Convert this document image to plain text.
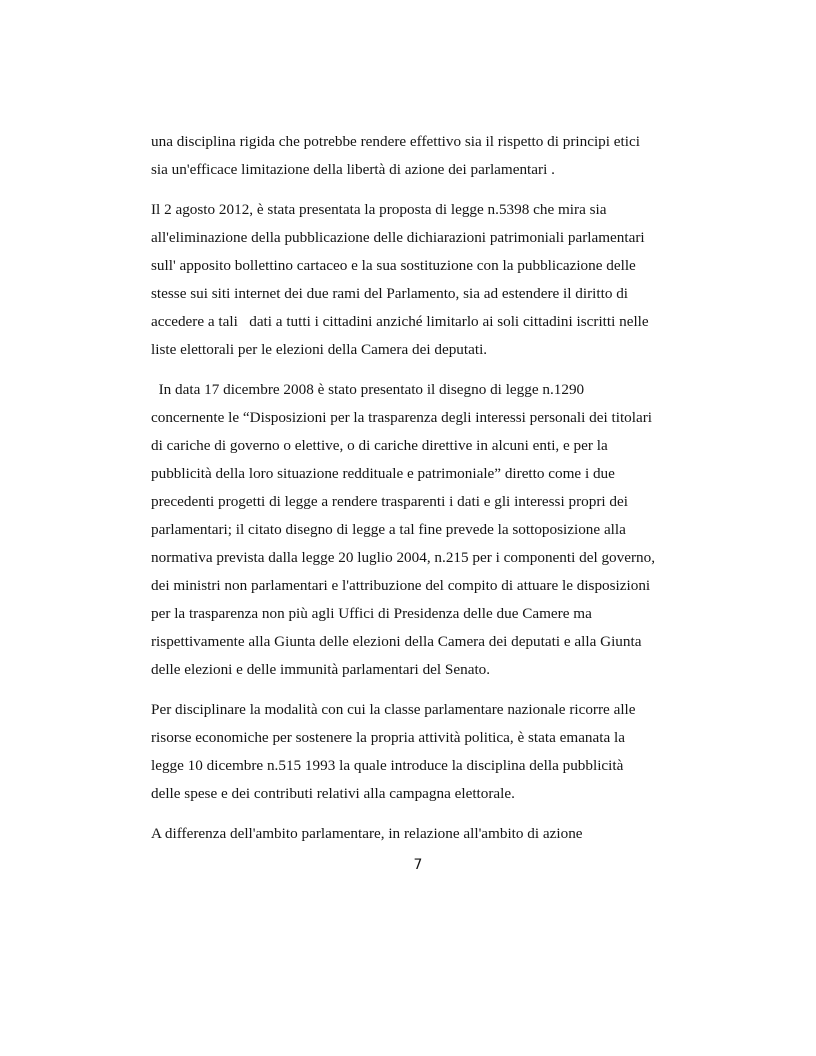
una disciplina rigida che potrebbe rendere effettivo sia il rispetto di principi etici
sia un'efficace limitazione della libertà di azione dei parlamentari .

Il 2 agosto 2012, è stata presentata la proposta di legge n.5398 che mira sia
all'eliminazione della pubblicazione delle dichiarazioni patrimoniali parlamentari
sull' apposito bollettino cartaceo e la sua sostituzione con la pubblicazione delle
stesse sui siti internet dei due rami del Parlamento, sia ad estendere il diritto di
accedere a tali   dati a tutti i cittadini anziché limitarlo ai soli cittadini iscritti nelle
liste elettorali per le elezioni della Camera dei deputati.

In data 17 dicembre 2008 è stato presentato il disegno di legge n.1290
concernente le “Disposizioni per la trasparenza degli interessi personali dei titolari
di cariche di governo o elettive, o di cariche direttive in alcuni enti, e per la
pubblicità della loro situazione reddituale e patrimoniale” diretto come i due
precedenti progetti di legge a rendere trasparenti i dati e gli interessi propri dei
parlamentari; il citato disegno di legge a tal fine prevede la sottoposizione alla
normativa prevista dalla legge 20 luglio 2004, n.215 per i componenti del governo,
dei ministri non parlamentari e l'attribuzione del compito di attuare le disposizioni
per la trasparenza non più agli Uffici di Presidenza delle due Camere ma
rispettivamente alla Giunta delle elezioni della Camera dei deputati e alla Giunta
delle elezioni e delle immunità parlamentari del Senato.

Per disciplinare la modalità con cui la classe parlamentare nazionale ricorre alle
risorse economiche per sostenere la propria attività politica, è stata emanata la
legge 10 dicembre n.515 1993 la quale introduce la disciplina della pubblicità
delle spese e dei contributi relativi alla campagna elettorale.

A differenza dell'ambito parlamentare, in relazione all'ambito di azione

7
